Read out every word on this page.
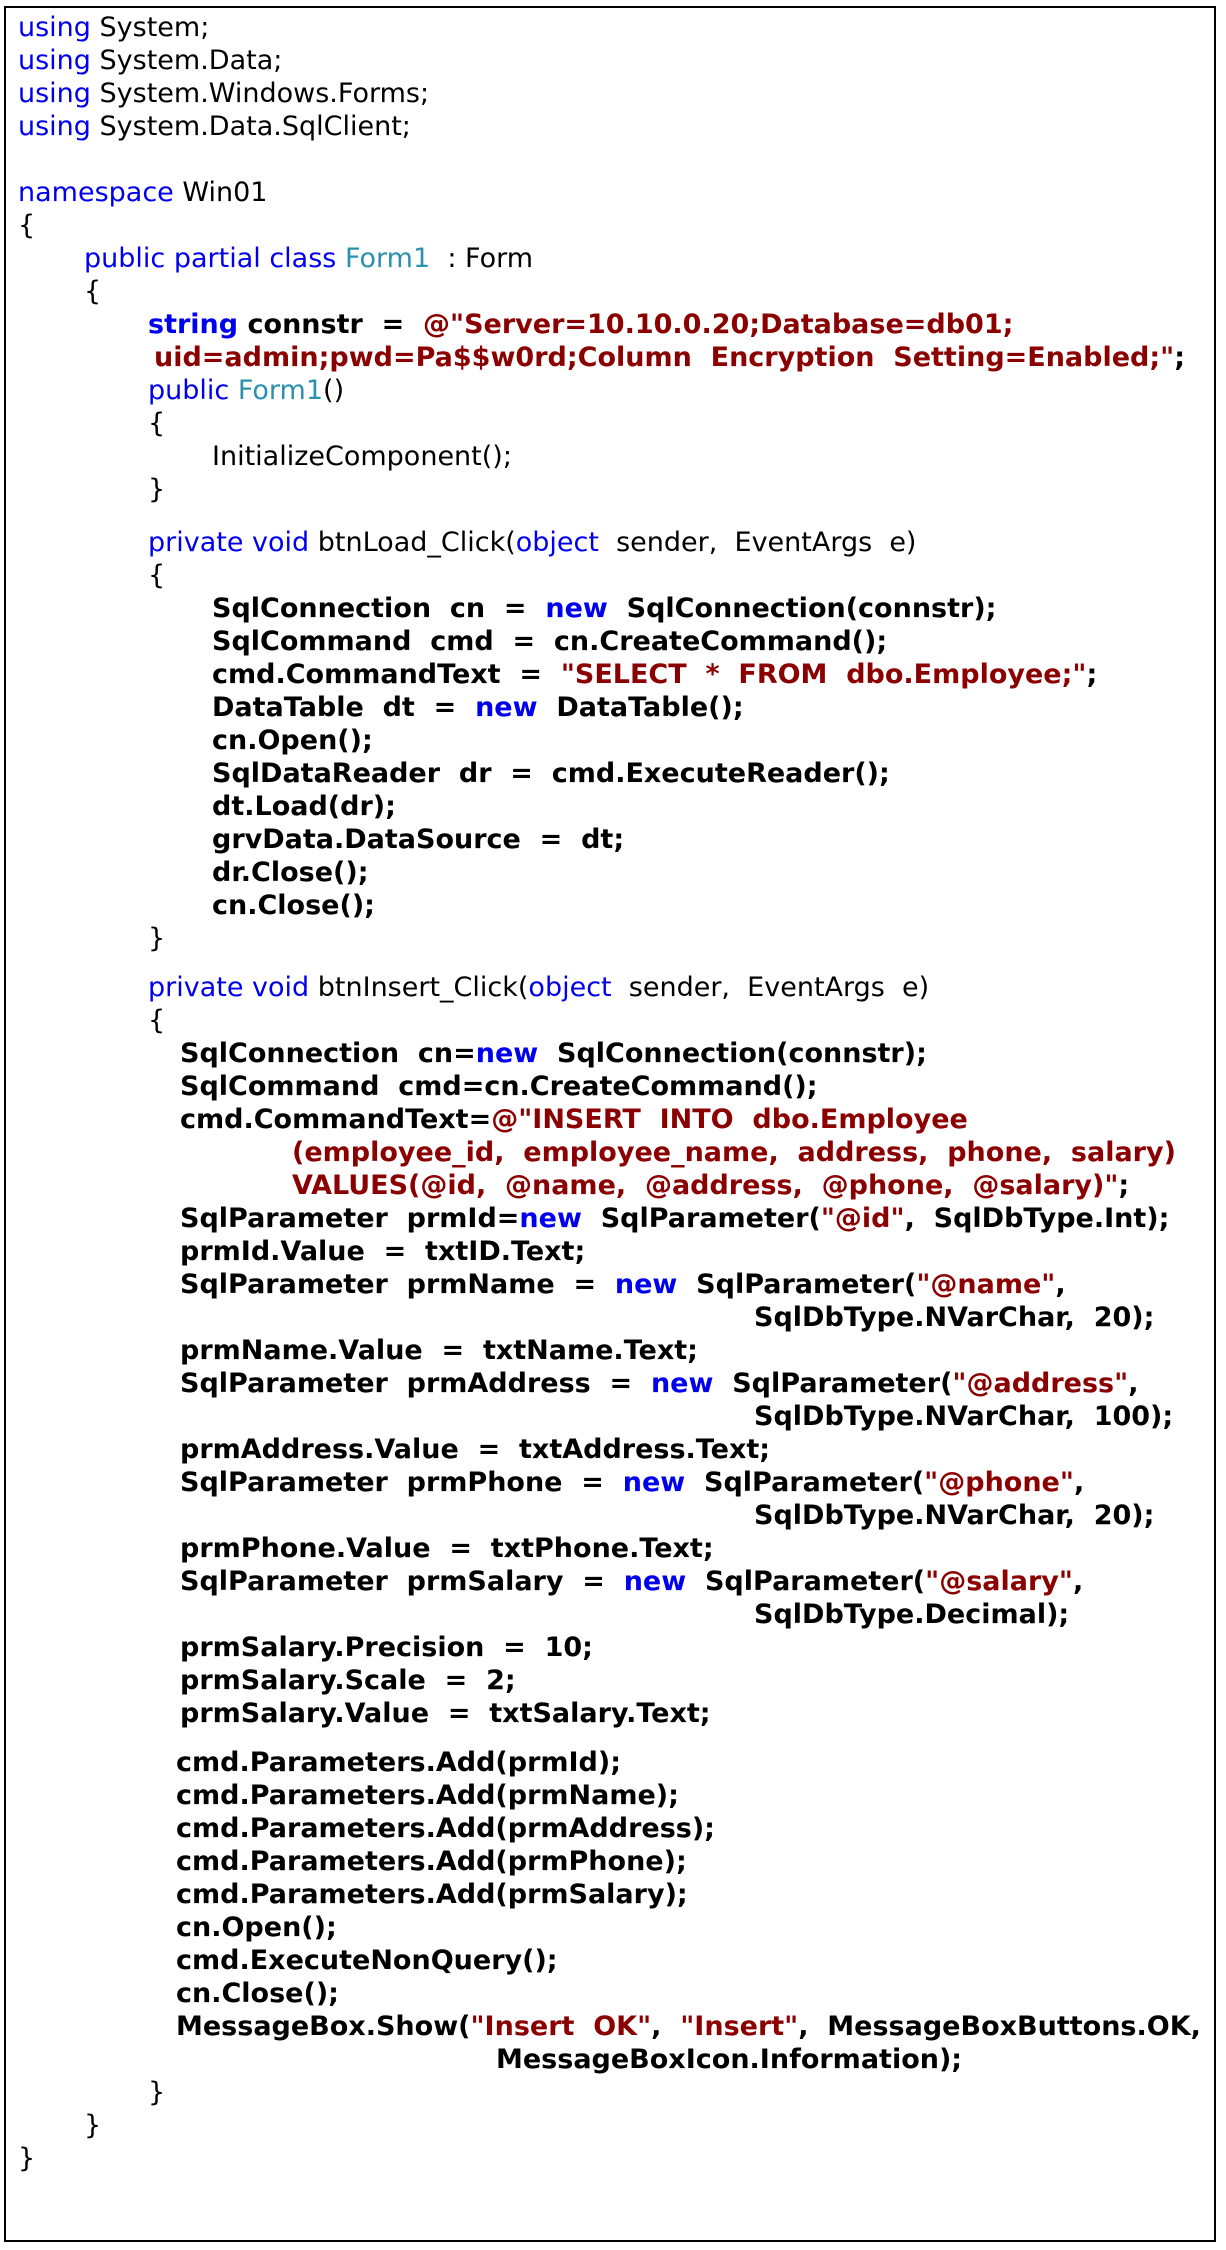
using System;
using System.Data;
using System.Windows.Forms;
using System.Data.SqlClient;
namespace Win01
{
public partial class Form1  : Form
{
string connstr  =  @"Server=10.10.0.20;Database=db01;
uid=admin;pwd=Pa$$w0rd;Column  Encryption  Setting=Enabled;";
public Form1()
{
InitializeComponent();
}
private void btnLoad_Click(object  sender,  EventArgs  e)
{
SqlConnection  cn  =  new  SqlConnection(connstr);
SqlCommand  cmd  =  cn.CreateCommand();
cmd.CommandText  =  "SELECT  *  FROM  dbo.Employee;";
DataTable  dt  =  new  DataTable();
cn.Open();
SqlDataReader  dr  =  cmd.ExecuteReader();
dt.Load(dr);
grvData.DataSource  =  dt;
dr.Close();
cn.Close();
}
private void btnInsert_Click(object  sender,  EventArgs  e)
{
SqlConnection  cn=new  SqlConnection(connstr);
SqlCommand  cmd=cn.CreateCommand();
cmd.CommandText=@"INSERT  INTO  dbo.Employee
(employee_id,  employee_name,  address,  phone,  salary)
VALUES(@id,  @name,  @address,  @phone,  @salary)";
SqlParameter  prmId=new  SqlParameter("@id",  SqlDbType.Int);
prmId.Value  =  txtID.Text;
SqlParameter  prmName  =  new  SqlParameter("@name",
SqlDbType.NVarChar,  20);
prmName.Value  =  txtName.Text;
SqlParameter  prmAddress  =  new  SqlParameter("@address",
SqlDbType.NVarChar,  100);
prmAddress.Value  =  txtAddress.Text;
SqlParameter  prmPhone  =  new  SqlParameter("@phone",
SqlDbType.NVarChar,  20);
prmPhone.Value  =  txtPhone.Text;
SqlParameter  prmSalary  =  new  SqlParameter("@salary",
SqlDbType.Decimal);
prmSalary.Precision  =  10;
prmSalary.Scale  =  2;
prmSalary.Value  =  txtSalary.Text;
cmd.Parameters.Add(prmId);
cmd.Parameters.Add(prmName);
cmd.Parameters.Add(prmAddress);
cmd.Parameters.Add(prmPhone);
cmd.Parameters.Add(prmSalary);
cn.Open();
cmd.ExecuteNonQuery();
cn.Close();
MessageBox.Show("Insert  OK",  "Insert",  MessageBoxButtons.OK,
MessageBoxIcon.Information);
}
}
}
